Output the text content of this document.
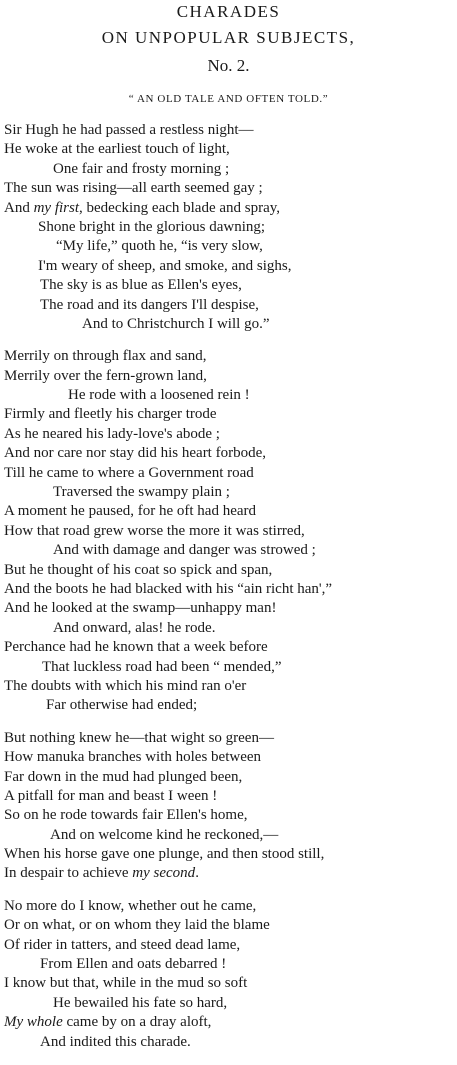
CHARADES
ON UNPOPULAR SUBJECTS,
No. 2.
“ AN OLD TALE AND OFTEN TOLD.”
Sir Hugh he had passed a restless night—
He woke at the earliest touch of light,
One fair and frosty morning ;
The sun was rising—all earth seemed gay ;
And my first, bedecking each blade and spray,
Shone bright in the glorious dawning;
“My life,” quoth he, “is very slow,
I'm weary of sheep, and smoke, and sighs,
The sky is as blue as Ellen's eyes,
The road and its dangers I'll despise,
And to Christchurch I will go.”
Merrily on through flax and sand,
Merrily over the fern-grown land,
He rode with a loosened rein !
Firmly and fleetly his charger trode
As he neared his lady-love's abode ;
And nor care nor stay did his heart forbode,
Till he came to where a Government road
Traversed the swampy plain ;
A moment he paused, for he oft had heard
How that road grew worse the more it was stirred,
And with damage and danger was strowed ;
But he thought of his coat so spick and span,
And the boots he had blacked with his “ain richt han',”
And he looked at the swamp—unhappy man!
And onward, alas! he rode.
Perchance had he known that a week before
That luckless road had been “ mended,”
The doubts with which his mind ran o'er
Far otherwise had ended;
But nothing knew he—that wight so green—
How manuka branches with holes between
Far down in the mud had plunged been,
A pitfall for man and beast I ween !
So on he rode towards fair Ellen's home,
And on welcome kind he reckoned,—
When his horse gave one plunge, and then stood still,
In despair to achieve my second.
No more do I know, whether out he came,
Or on what, or on whom they laid the blame
Of rider in tatters, and steed dead lame,
From Ellen and oats debarred !
I know but that, while in the mud so soft
He bewailed his fate so hard,
My whole came by on a dray aloft,
And indited this charade.
